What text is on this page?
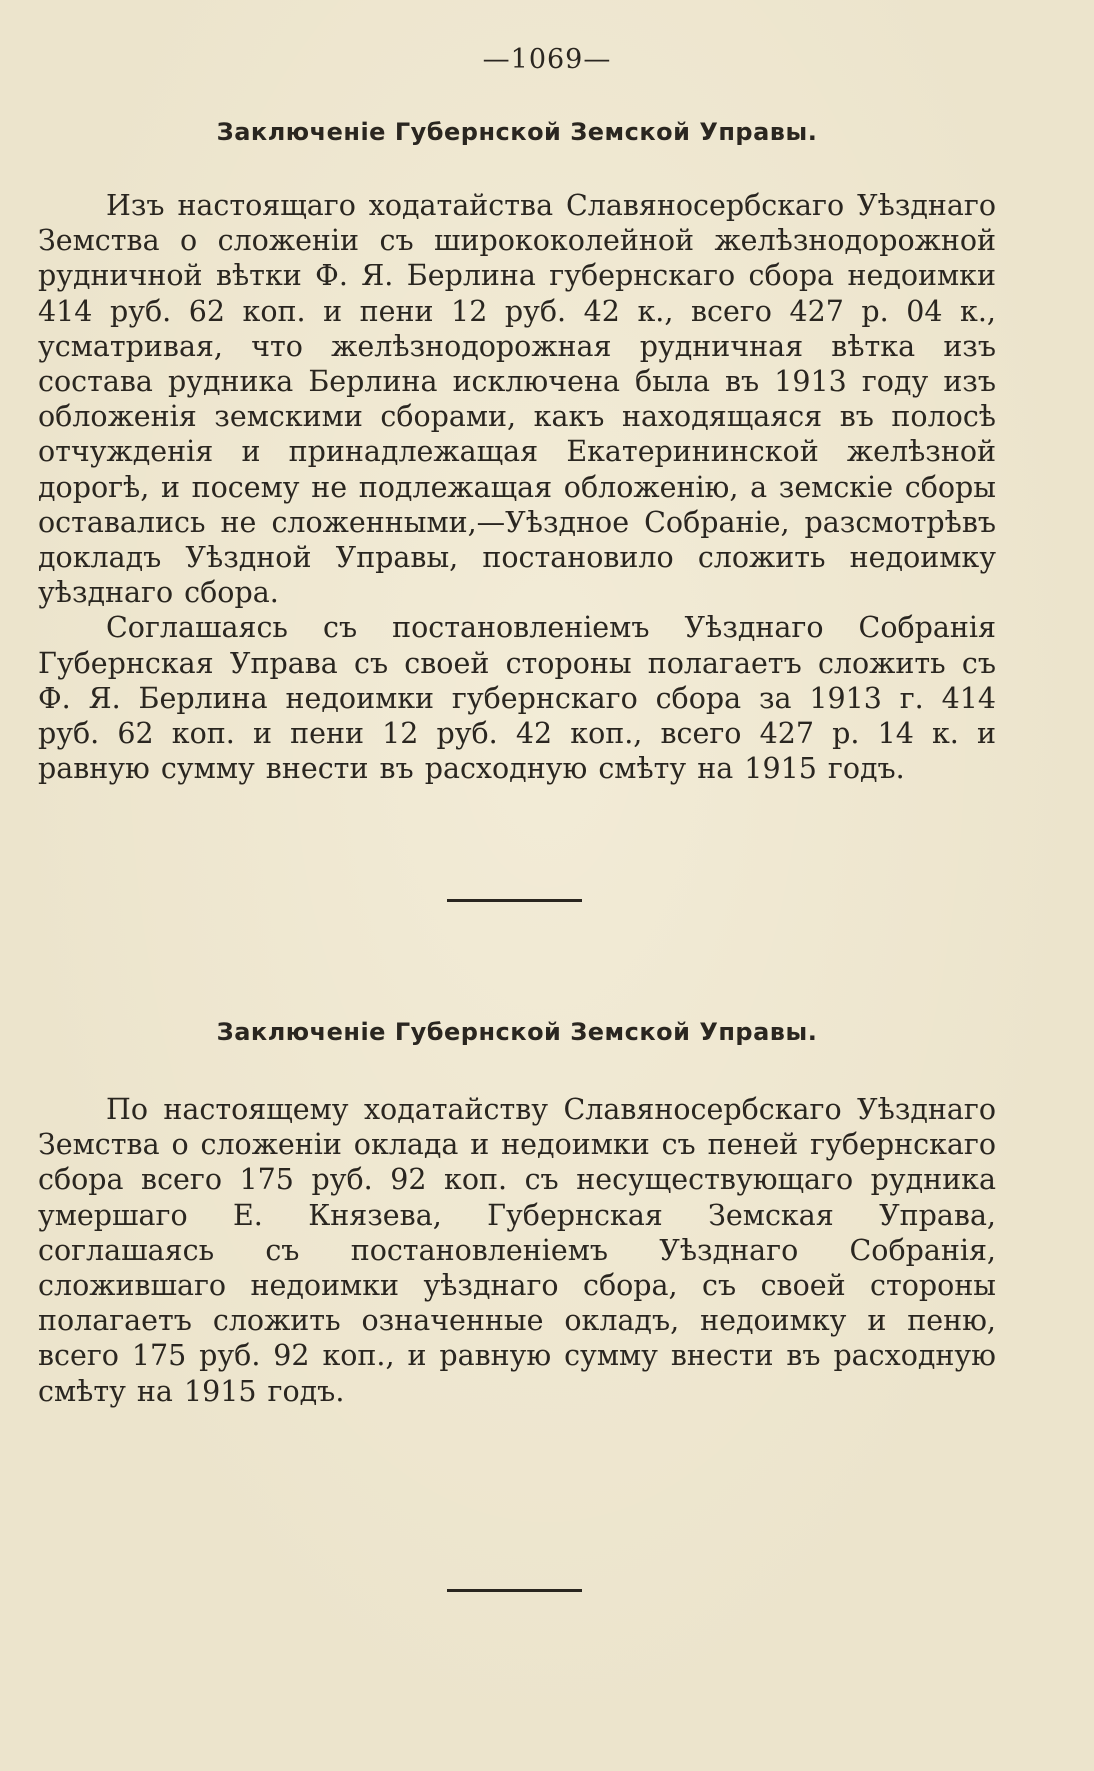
—1069—
Заключеніе Губернской Земской Управы.

Изъ настоящаго ходатайства Славяносербскаго Уѣзднаго Земства о сложеніи съ ширококолейной желѣзнодорожной рудничной вѣтки Ф. Я. Берлина губернскаго сбора недоимки 414 руб. 62 коп. и пени 12 руб. 42 к., всего 427 р. 04 к., усматривая, что желѣзнодорожная рудничная вѣтка изъ состава рудника Берлина исключена была въ 1913 году изъ обложенія земскими сборами, какъ находящаяся въ полосѣ отчужденія и принадлежащая Екатерининской желѣзной дорогѣ, и посему не подлежащая обложенію, а земскіе сборы оставались не сложенными,—Уѣздное Собраніе, разсмотрѣвъ докладъ Уѣздной Управы, постановило сложить недоимку уѣзднаго сбора.

Соглашаясь съ постановленіемъ Уѣзднаго Собранія Губернская Управа съ своей стороны полагаетъ сложить съ Ф. Я. Берлина недоимки губернскаго сбора за 1913 г. 414 руб. 62 коп. и пени 12 руб. 42 коп., всего 427 р. 14 к. и равную сумму внести въ расходную смѣту на 1915 годъ.

Заключеніе Губернской Земской Управы.

По настоящему ходатайству Славяносербскаго Уѣзднаго Земства о сложеніи оклада и недоимки съ пеней губернскаго сбора всего 175 руб. 92 коп. съ несуществующаго рудника умершаго Е. Князева, Губернская Земская Управа, соглашаясь съ постановленіемъ Уѣзднаго Собранія, сложившаго недоимки уѣзднаго сбора, съ своей стороны полагаетъ сложить означенные окладъ, недоимку и пеню, всего 175 руб. 92 коп., и равную сумму внести въ расходную смѣту на 1915 годъ.
